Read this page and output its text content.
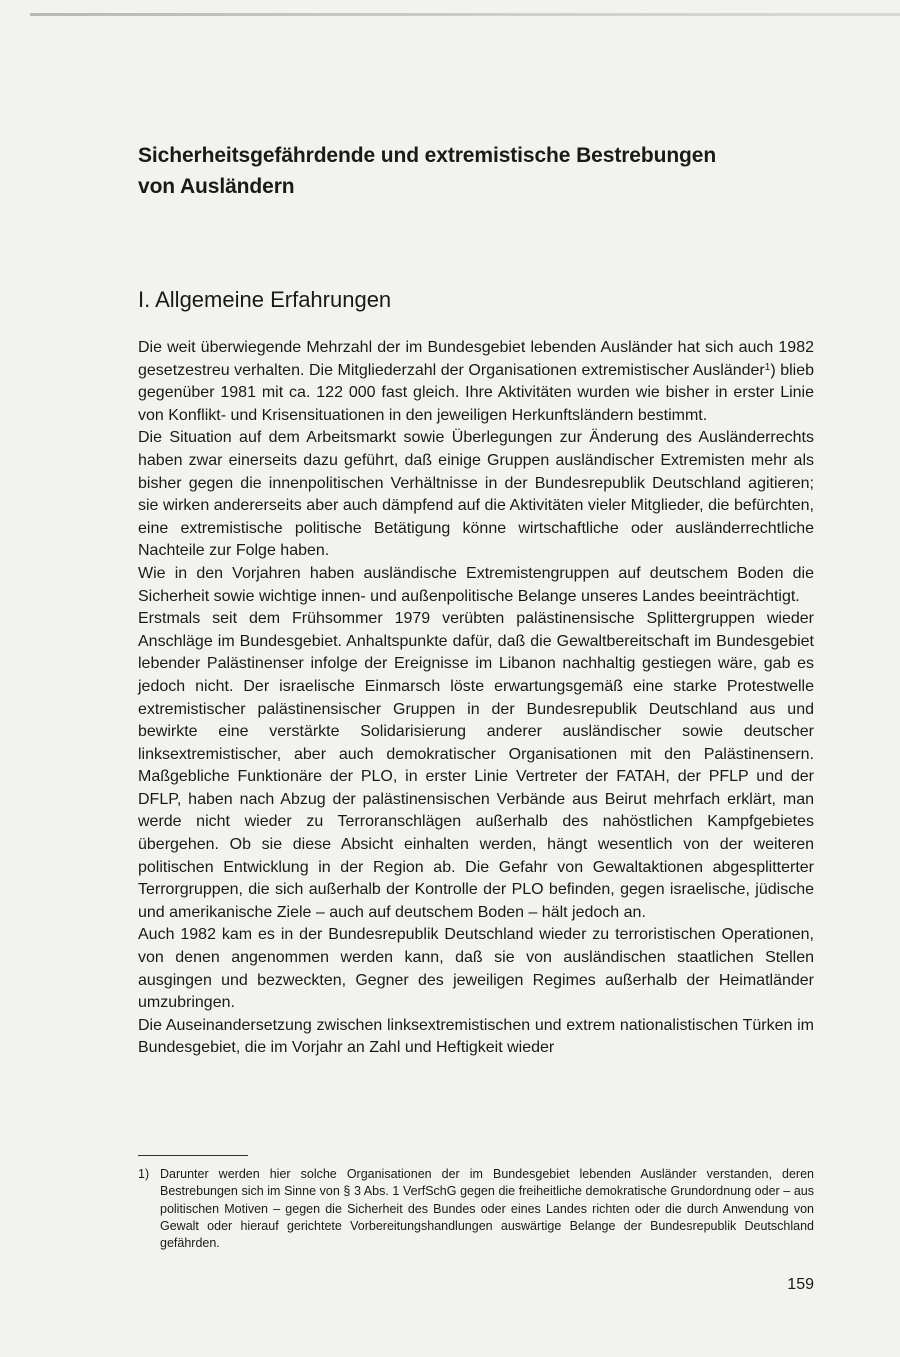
Sicherheitsgefährdende und extremistische Bestrebungen
von Ausländern
I. Allgemeine Erfahrungen

Die weit überwiegende Mehrzahl der im Bundesgebiet lebenden Ausländer hat sich auch 1982 gesetzestreu verhalten. Die Mitgliederzahl der Organisationen extremistischer Ausländer$^1$) blieb gegenüber 1981 mit ca. 122 000 fast gleich. Ihre Aktivitäten wurden wie bisher in erster Linie von Konflikt- und Krisensituationen in den jeweiligen Herkunftsländern bestimmt.

Die Situation auf dem Arbeitsmarkt sowie Überlegungen zur Änderung des Ausländerrechts haben zwar einerseits dazu geführt, daß einige Gruppen ausländischer Extremisten mehr als bisher gegen die innenpolitischen Verhältnisse in der Bundesrepublik Deutschland agitieren; sie wirken andererseits aber auch dämpfend auf die Aktivitäten vieler Mitglieder, die befürchten, eine extremistische politische Betätigung könne wirtschaftliche oder ausländerrechtliche Nachteile zur Folge haben.

Wie in den Vorjahren haben ausländische Extremistengruppen auf deutschem Boden die Sicherheit sowie wichtige innen- und außenpolitische Belange unseres Landes beeinträchtigt.

Erstmals seit dem Frühsommer 1979 verübten palästinensische Splittergruppen wieder Anschläge im Bundesgebiet. Anhaltspunkte dafür, daß die Gewaltbereitschaft im Bundesgebiet lebender Palästinenser infolge der Ereignisse im Libanon nachhaltig gestiegen wäre, gab es jedoch nicht. Der israelische Einmarsch löste erwartungsgemäß eine starke Protestwelle extremistischer palästinensischer Gruppen in der Bundesrepublik Deutschland aus und bewirkte eine verstärkte Solidarisierung anderer ausländischer sowie deutscher linksextremistischer, aber auch demokratischer Organisationen mit den Palästinensern. Maßgebliche Funktionäre der PLO, in erster Linie Vertreter der FATAH, der PFLP und der DFLP, haben nach Abzug der palästinensischen Verbände aus Beirut mehrfach erklärt, man werde nicht wieder zu Terroranschlägen außerhalb des nahöstlichen Kampfgebietes übergehen. Ob sie diese Absicht einhalten werden, hängt wesentlich von der weiteren politischen Entwicklung in der Region ab. Die Gefahr von Gewaltaktionen abgesplitterter Terrorgruppen, die sich außerhalb der Kontrolle der PLO befinden, gegen israelische, jüdische und amerikanische Ziele – auch auf deutschem Boden – hält jedoch an.

Auch 1982 kam es in der Bundesrepublik Deutschland wieder zu terroristischen Operationen, von denen angenommen werden kann, daß sie von ausländischen staatlichen Stellen ausgingen und bezweckten, Gegner des jeweiligen Regimes außerhalb der Heimatländer umzubringen.

Die Auseinandersetzung zwischen linksextremistischen und extrem nationalistischen Türken im Bundesgebiet, die im Vorjahr an Zahl und Heftigkeit wieder

1) Darunter werden hier solche Organisationen der im Bundesgebiet lebenden Ausländer verstanden, deren Bestrebungen sich im Sinne von § 3 Abs. 1 VerfSchG gegen die freiheitliche demokratische Grundordnung oder – aus politischen Motiven – gegen die Sicherheit des Bundes oder eines Landes richten oder die durch Anwendung von Gewalt oder hierauf gerichtete Vorbereitungshandlungen auswärtige Belange der Bundesrepublik Deutschland gefährden.
159
